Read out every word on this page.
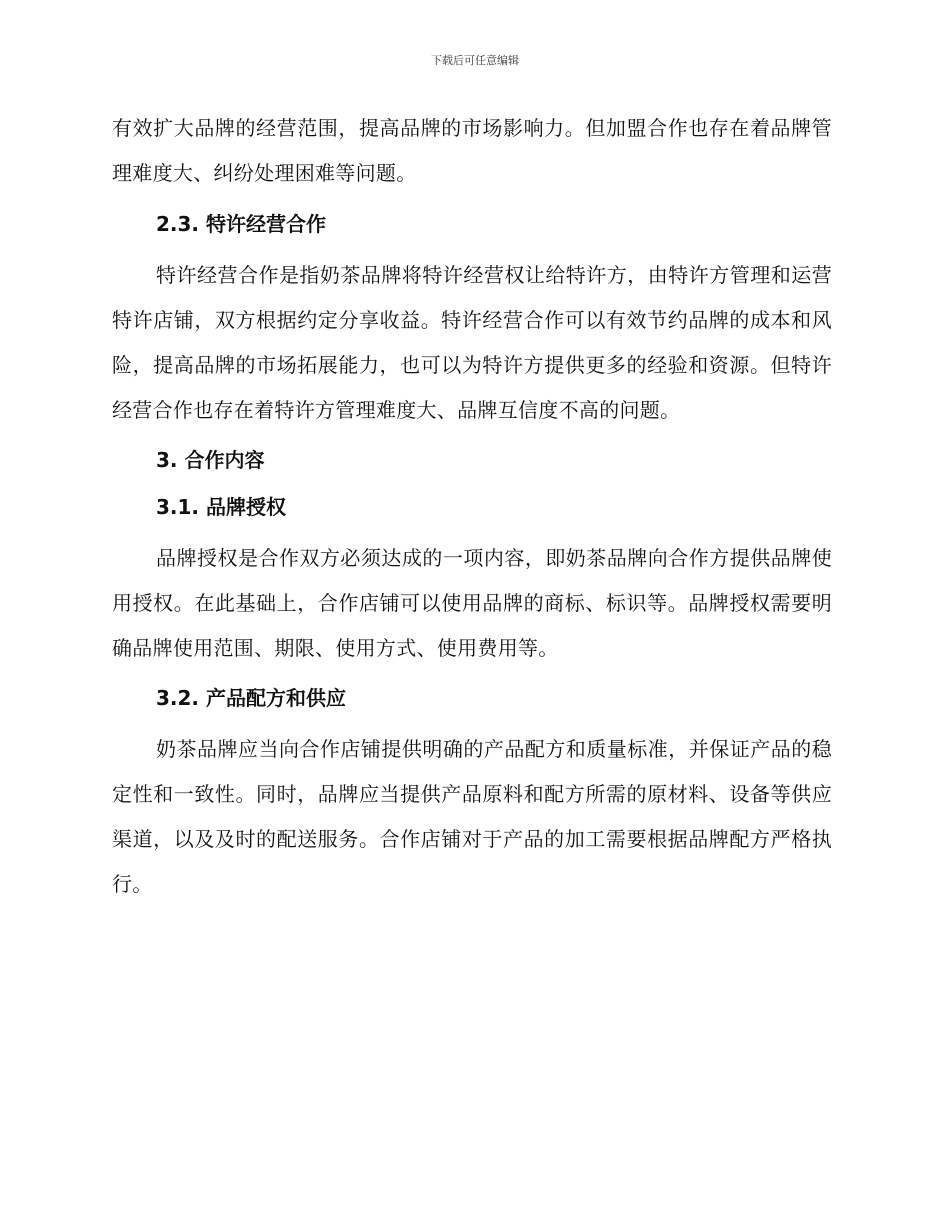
下载后可任意编辑

有效扩大品牌的经营范围，提高品牌的市场影响力。但加盟合作也存在着品牌管理难度大、纠纷处理困难等问题。

2.3. 特许经营合作

特许经营合作是指奶茶品牌将特许经营权让给特许方，由特许方管理和运营特许店铺，双方根据约定分享收益。特许经营合作可以有效节约品牌的成本和风险，提高品牌的市场拓展能力，也可以为特许方提供更多的经验和资源。但特许经营合作也存在着特许方管理难度大、品牌互信度不高的问题。

3. 合作内容
3.1. 品牌授权

品牌授权是合作双方必须达成的一项内容，即奶茶品牌向合作方提供品牌使用授权。在此基础上，合作店铺可以使用品牌的商标、标识等。品牌授权需要明确品牌使用范围、期限、使用方式、使用费用等。

3.2. 产品配方和供应

奶茶品牌应当向合作店铺提供明确的产品配方和质量标准，并保证产品的稳定性和一致性。同时，品牌应当提供产品原料和配方所需的原材料、设备等供应渠道，以及及时的配送服务。合作店铺对于产品的加工需要根据品牌配方严格执行。
